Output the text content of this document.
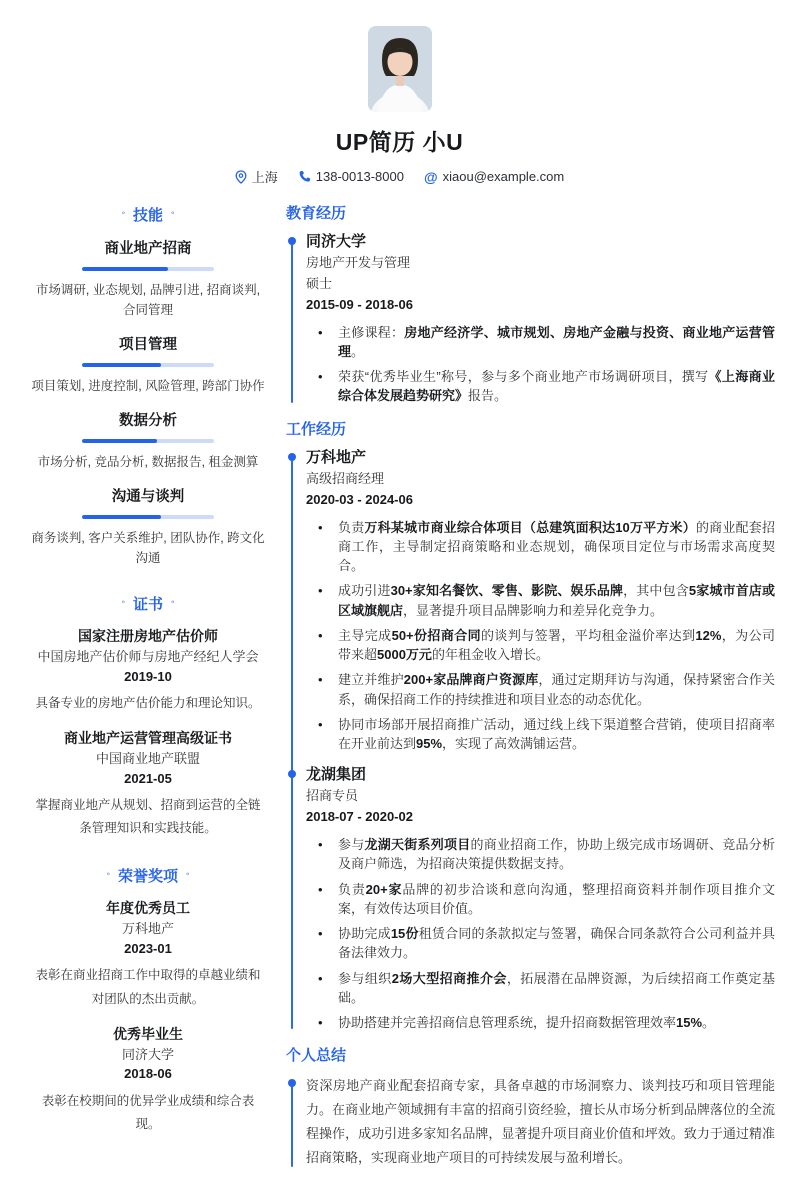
UP简历 小U
上海	138-0013-8000 @ xiaou@example.com
◦ 技能 ◦
商业地产招商
市场调研, 业态规划, 品牌引进, 招商谈判, 合同管理
项目管理
项目策划, 进度控制, 风险管理, 跨部门协作
数据分析
市场分析, 竞品分析, 数据报告, 租金测算
沟通与谈判
商务谈判, 客户关系维护, 团队协作, 跨文化沟通
◦ 证书 ◦
国家注册房地产估价师
中国房地产估价师与房地产经纪人学会
2019-10
具备专业的房地产估价能力和理论知识。
商业地产运营管理高级证书
中国商业地产联盟
2021-05
掌握商业地产从规划、招商到运营的全链条管理知识和实践技能。
◦ 荣誉奖项 ◦
年度优秀员工
万科地产
2023-01
表彰在商业招商工作中取得的卓越业绩和对团队的杰出贡献。
优秀毕业生
同济大学
2018-06
表彰在校期间的优异学业成绩和综合表现。
教育经历
同济大学
房地产开发与管理
硕士
2015-09 - 2018-06
• 主修课程：房地产经济学、城市规划、房地产金融与投资、商业地产运营管理。
• 荣获“优秀毕业生”称号，参与多个商业地产市场调研项目，撰写《上海商业综合体发展趋势研究》报告。
工作经历
万科地产
高级招商经理
2020-03 - 2024-06
• 负责万科某城市商业综合体项目（总建筑面积达10万平方米）的商业配套招商工作，主导制定招商策略和业态规划，确保项目定位与市场需求高度契合。
• 成功引进30+家知名餐饮、零售、影院、娱乐品牌，其中包含5家城市首店或区域旗舰店，显著提升项目品牌影响力和差异化竞争力。
• 主导完成50+份招商合同的谈判与签署，平均租金溢价率达到12%，为公司带来超5000万元的年租金收入增长。
• 建立并维护200+家品牌商户资源库，通过定期拜访与沟通，保持紧密合作关系，确保招商工作的持续推进和项目业态的动态优化。
• 协同市场部开展招商推广活动，通过线上线下渠道整合营销，使项目招商率在开业前达到95%，实现了高效满铺运营。
龙湖集团
招商专员
2018-07 - 2020-02
• 参与龙湖天街系列项目的商业招商工作，协助上级完成市场调研、竞品分析及商户筛选，为招商决策提供数据支持。
• 负责20+家品牌的初步洽谈和意向沟通，整理招商资料并制作项目推介文案，有效传达项目价值。
• 协助完成15份租赁合同的条款拟定与签署，确保合同条款符合公司利益并具备法律效力。
• 参与组织2场大型招商推介会，拓展潜在品牌资源，为后续招商工作奠定基础。
• 协助搭建并完善招商信息管理系统，提升招商数据管理效率15%。
个人总结

资深房地产商业配套招商专家，具备卓越的市场洞察力、谈判技巧和项目管理能力。在商业地产领域拥有丰富的招商引资经验，擅长从市场分析到品牌落位的全流程操作，成功引进多家知名品牌，显著提升项目商业价值和坪效。致力于通过精准招商策略，实现商业地产项目的可持续发展与盈利增长。
